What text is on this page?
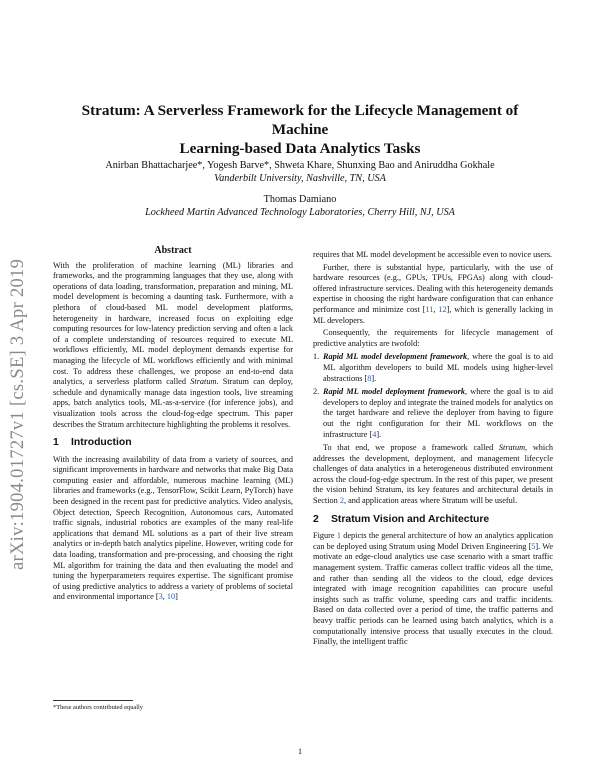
arXiv:1904.01727v1 [cs.SE] 3 Apr 2019
Stratum: A Serverless Framework for the Lifecycle Management of Machine
Learning-based Data Analytics Tasks
Anirban Bhattacharjee*, Yogesh Barve*, Shweta Khare, Shunxing Bao and Aniruddha Gokhale
Vanderbilt University, Nashville, TN, USA
Thomas Damiano
Lockheed Martin Advanced Technology Laboratories, Cherry Hill, NJ, USA
Abstract

With the proliferation of machine learning (ML) libraries and frameworks, and the programming languages that they use, along with operations of data loading, transformation, preparation and mining, ML model development is becoming a daunting task. Furthermore, with a plethora of cloud-based ML model development platforms, heterogeneity in hardware, increased focus on exploiting edge computing resources for low-latency prediction serving and often a lack of a complete understanding of resources required to execute ML workflows efficiently, ML model deployment demands expertise for managing the lifecycle of ML workflows efficiently and with minimal cost. To address these challenges, we propose an end-to-end data analytics, a serverless platform called Stratum. Stratum can deploy, schedule and dynamically manage data ingestion tools, live streaming apps, batch analytics tools, ML-as-a-service (for inference jobs), and visualization tools across the cloud-fog-edge spectrum. This paper describes the Stratum architecture highlighting the problems it resolves.

1 Introduction

With the increasing availability of data from a variety of sources, and significant improvements in hardware and networks that make Big Data computing easier and affordable, numerous machine learning (ML) libraries and frameworks (e.g., TensorFlow, Scikit Learn, PyTorch) have been designed in the recent past for predictive analytics. Video analysis, Object detection, Speech Recognition, Autonomous cars, Automated traffic signals, industrial robotics are examples of the many real-life applications that demand ML solutions as a part of their live stream analytics or in-depth batch analytics pipeline. However, writing code for data loading, transformation and pre-processing, and choosing the right ML algorithm for training the data and then evaluating the model and tuning the hyperparameters requires expertise. The significant promise of using predictive analytics to address a variety of problems of societal and environmental importance [3, 10]

requires that ML model development be accessible even to novice users.

Further, there is substantial hype, particularly, with the use of hardware resources (e.g., GPUs, TPUs, FPGAs) along with cloud-offered infrastructure services. Dealing with this heterogeneity demands expertise in choosing the right hardware configuration that can enhance performance and minimize cost [11, 12], which is generally lacking in ML developers.

Consequently, the requirements for lifecycle management of predictive analytics are twofold:

1. Rapid ML model development framework, where the goal is to aid ML algorithm developers to build ML models using higher-level abstractions [8].
2. Rapid ML model deployment framework, where the goal is to aid developers to deploy and integrate the trained models for analytics on the target hardware and relieve the deployer from having to figure out the right configuration for their ML workflows on the infrastructure [4].

To that end, we propose a framework called Stratum, which addresses the development, deployment, and management lifecycle challenges of data analytics in a heterogeneous distributed environment across the cloud-fog-edge spectrum. In the rest of this paper, we present the vision behind Stratum, its key features and architectural details in Section 2, and application areas where Stratum will be useful.

2 Stratum Vision and Architecture

Figure 1 depicts the general architecture of how an analytics application can be deployed using Stratum using Model Driven Engineering [5]. We motivate an edge-cloud analytics use case scenario with a smart traffic management system. Traffic cameras collect traffic videos all the time, and rather than sending all the videos to the cloud, edge devices integrated with image recognition capabilities can procure useful insights such as traffic volume, speeding cars and traffic incidents. Based on data collected over a period of time, the traffic patterns and heavy traffic periods can be learned using batch analytics, which is a computationally intensive process that usually executes in the cloud. Finally, the intelligent traffic

*These authors contributed equally
1
